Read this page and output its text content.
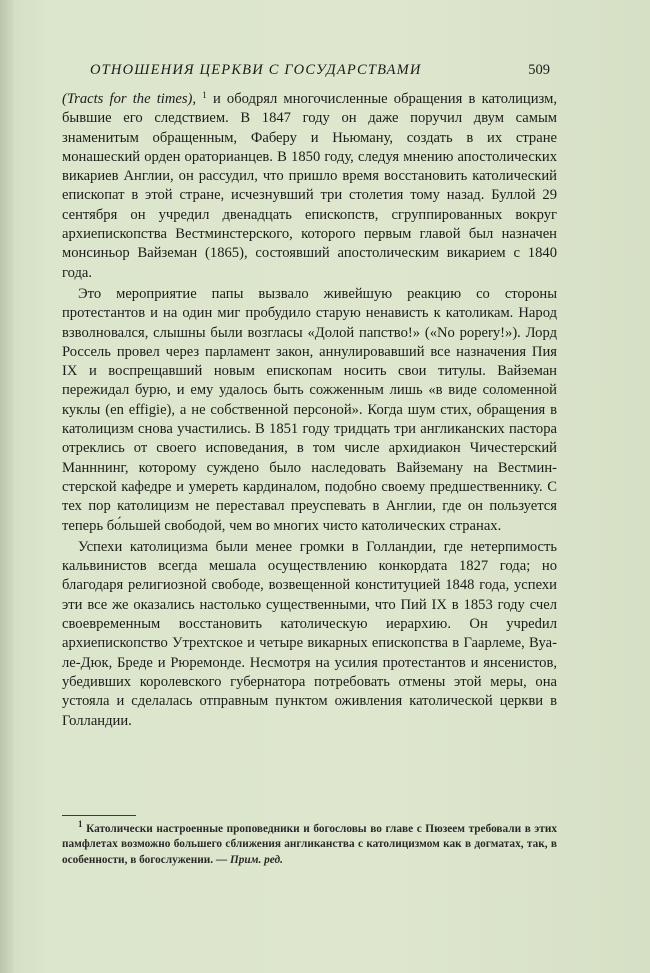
ОТНОШЕНИЯ ЦЕРКВИ С ГОСУДАРСТВАМИ	509

(Tracts for the times), $^1$ и ободрял многочисленные обращения в католицизм, бывшие его следствием. В 1847 году он даже поручил двум самым знаменитым обращенным, Фаберу и Ньюману, создать в их стране монашеский орден ораторианцев. В 1850 году, следуя мнению апостолических викариев Англии, он рассудил, что пришло время восстановить католический епископат в этой стране, исчезнувший три столетия тому назад. Буллой 29 сентября он учредил двенадцать епископств, сгруппированных вокруг архиепископства Вестминстерского, которого первым главой был назначен монсиньор Вайземан (1865), состоявший апостолическим викарием с 1840 года.

Это мероприятие папы вызвало живейшую реакцию со стороны протестантов и на один миг пробудило старую ненависть к католикам. Народ взволновался, слышны были возгласы «Долой папство!» («No popery!»). Лорд Россель провел через парламент закон, аннулировавший все назначения Пия IX и воспрещавший новым епископам носить свои титулы. Вайземан пережидал бурю, и ему удалось быть сожженным лишь «в виде соломенной куклы (en effigie), а не собственной персоной». Когда шум стих, обращения в католицизм снова участились. В 1851 году тридцать три англиканских пастора отреклись от своего исповедания, в том числе архидиакон Чичестерский Манннинг, которому суждено было наследовать Вайземану на Вестминстерской кафедре и умереть кардиналом, подобно своему предшественнику. С тех пор католицизм не переставал преуспевать в Англии, где он пользуется теперь бо́льшей свободой, чем во многих чисто католических странах.

Успехи католицизма были менее громки в Голландии, где нетерпимость кальвинистов всегда мешала осуществлению конкордата 1827 года; но благодаря религиозной свободе, возвещенной конституцией 1848 года, успехи эти все же оказались настолько существенными, что Пий IX в 1853 году счел своевременным восстановить католическую иерархию. Он учреdил архиепископство Утрехтское и четыре викарных епископства в Гаарлеме, Вуа-ле-Дюк, Бреде и Рюремонде. Несмотря на усилия протестантов и янсенистов, убедивших королевского губернатора потребовать отмены этой меры, она устояла и сделалась отправным пунктом оживления католической церкви в Голландии.

$^1$ Католически настроенные проповедники и богословы во главе с Пюзеем требовали в этих памфлетах возможно большего сближения англиканства с католицизмом как в догматах, так, в особенности, в богослужении. — Прим. ред.
